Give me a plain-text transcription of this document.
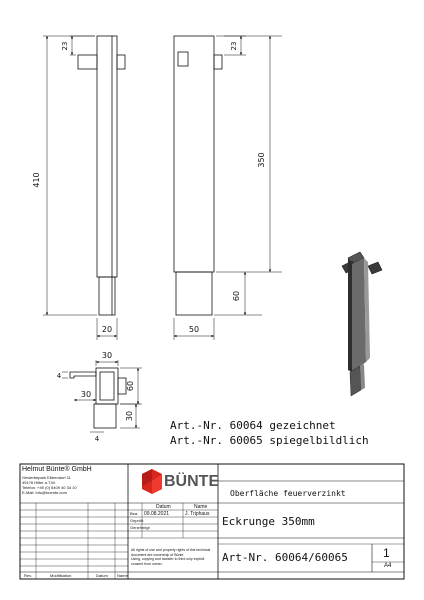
410
23
20
23
350
60
50
30
60
30
30
4
4
Art.-Nr. 60064 gezeichnet
Art.-Nr. 60065 spiegelbildlich
Helmut Bünte® GmbH
Gewerbepark Ebbendorf 11
49176 Hilter a.T.W.
Telefon: +49 (0) 5409 40 34 10
E-Mail: info@buente.com
BÜNTE
Oberfläche feuerverzinkt
Datum	Name
Bea.
Geprüft
Genehmigt
09.08.2021	J. Triphaus
Eckrunge 350mm
All rights of use and property rights of this technical
document are ownership of Bünte.
Using, copying and transfer to third only explicit
consent from owner.	Art-Nr. 60064/60065	1
A4
Rev.	Modifikation	Datum Name
